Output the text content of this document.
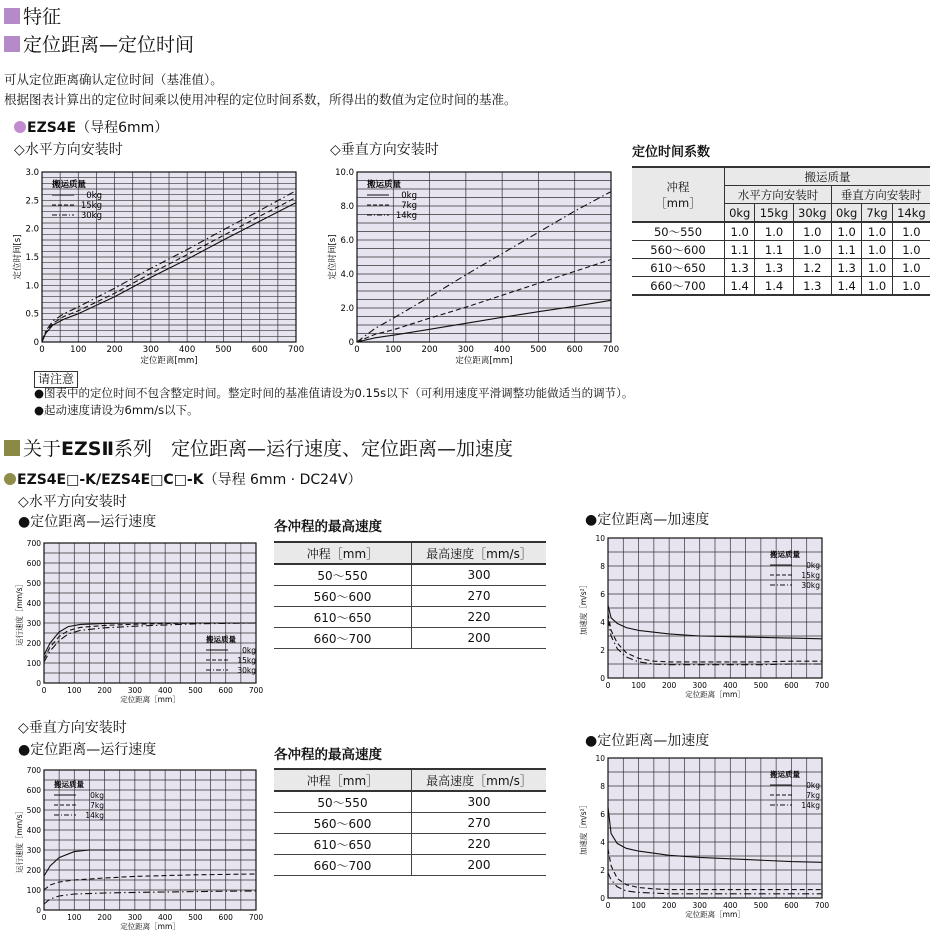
特征
定位距离—定位时间
可从定位距离确认定位时间（基准值）。
根据图表计算出的定位时间乘以使用冲程的定位时间系数，所得出的数值为定位时间的基准。
EZS4E（导程6mm）
◇水平方向安装时	◇垂直方向安装时
0	100 200 300 400 500 600 700
0
0.5
1.0
1.5
2.0
2.5
3.0
定位距离[mm]
定位时间[s]
搬运质量
0kg
15kg
30kg
0	100 200 300 400 500 600 700
0
2.0
4.0
6.0
8.0
10.0
定位距离[mm]
定位时间[s]
搬运质量
0kg
7kg
14kg
定位时间系数
冲程
［mm］	搬运质量					
	水平方向安装时			垂直方向安装时		
	0kg	15kg	30kg	0kg	7kg	14kg
50～550	1.0	1.0	1.0	1.0	1.0	1.0
560～600	1.1	1.1	1.0	1.1	1.0	1.0
610～650	1.3	1.3	1.2	1.3	1.0	1.0
660～700	1.4	1.4	1.3	1.4	1.0	1.0
请注意
●图表中的定位时间不包含整定时间。整定时间的基准值请设为0.15s以下（可利用速度平滑调整功能做适当的调节）。
●起动速度请设为6mm/s以下。
关于EZSⅡ系列　定位距离—运行速度、定位距离—加速度
EZS4E□-K/EZS4E□C□-K（导程 6mm · DC24V）
◇水平方向安装时
●定位距离—运行速度	●定位距离—加速度
◇垂直方向安装时
●定位距离—运行速度
●定位距离—加速度
0	100 200 300 400 500 600 700
0
100
200
300
400
500
600
700
定位距离［mm］
运行速度［mm/s］	搬运质量
0kg
15kg
30kg
0	100 200 300 400 500 600 700
0
2
4
6
8
10
定位距离［mm］
加速度［m/s²］
搬运质量
0kg
15kg
30kg
0	100 200 300 400 500 600 700
0
100
200
300
400
500
600
700
定位距离［mm］
运行速度［mm/s］
搬运质量
0kg
7kg
14kg
0	100 200 300 400 500 600 700
0
2
4
6
8
10
定位距离［mm］
加速度［m/s²］
搬运质量
0kg
7kg
14kg
各冲程的最高速度
冲程［mm］	最高速度［mm/s］
50～550	300
560～600	270
610～650	220
660～700	200
各冲程的最高速度
冲程［mm］	最高速度［mm/s］
50～550	300
560～600	270
610～650	220
660～700	200
